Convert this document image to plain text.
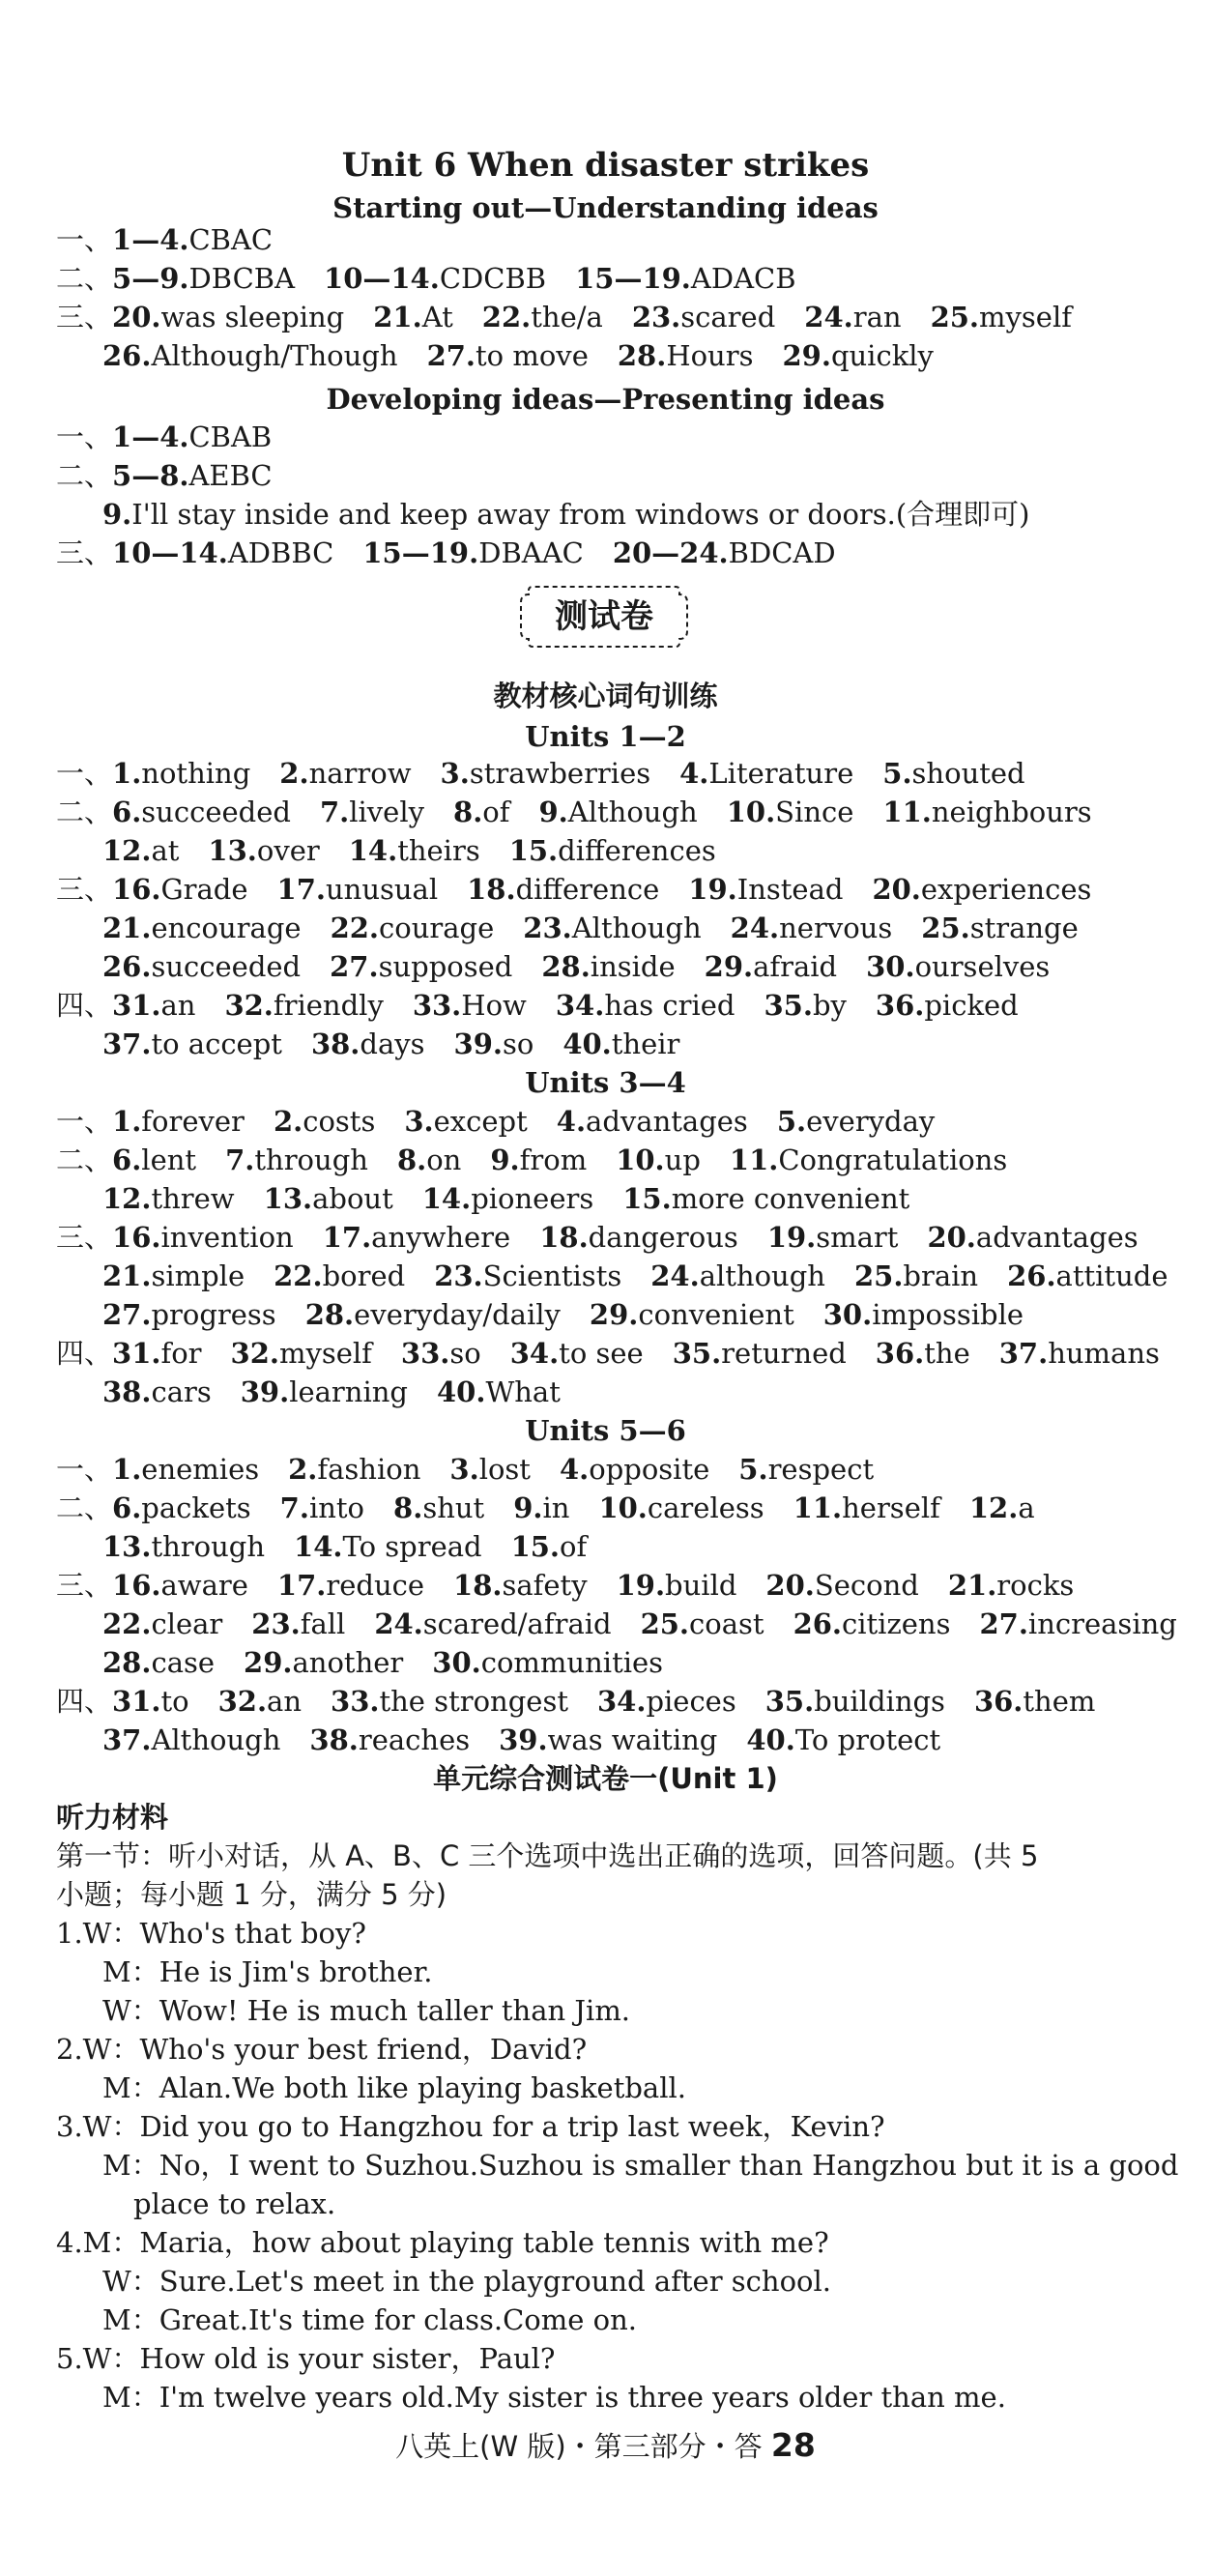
Unit 6 When disaster strikes
Starting out—Understanding ideas
一、1—4.CBAC
二、5—9.DBCBA 10—14.CDCBB 15—19.ADACB
三、20.was sleeping 21.At 22.the/a 23.scared 24.ran 25.myself
26.Although/Though 27.to move 28.Hours 29.quickly
Developing ideas—Presenting ideas
一、1—4.CBAB
二、5—8.AEBC
9.I'll stay inside and keep away from windows or doors.(合理即可)
三、10—14.ADBBC 15—19.DBAAC 20—24.BDCAD
测试卷
教材核心词句训练
Units 1—2
一、1.nothing 2.narrow 3.strawberries 4.Literature 5.shouted
二、6.succeeded 7.lively 8.of 9.Although 10.Since 11.neighbours
12.at 13.over 14.theirs 15.differences
三、16.Grade 17.unusual 18.difference 19.Instead 20.experiences
21.encourage 22.courage 23.Although 24.nervous 25.strange
26.succeeded 27.supposed 28.inside 29.afraid 30.ourselves
四、31.an 32.friendly 33.How 34.has cried 35.by 36.picked
37.to accept 38.days 39.so 40.their
Units 3—4
一、1.forever 2.costs 3.except 4.advantages 5.everyday
二、6.lent 7.through 8.on 9.from 10.up 11.Congratulations
12.threw 13.about 14.pioneers 15.more convenient
三、16.invention 17.anywhere 18.dangerous 19.smart 20.advantages
21.simple 22.bored 23.Scientists 24.although 25.brain 26.attitude
27.progress 28.everyday/daily 29.convenient 30.impossible
四、31.for 32.myself 33.so 34.to see 35.returned 36.the 37.humans
38.cars 39.learning 40.What
Units 5—6
一、1.enemies 2.fashion 3.lost 4.opposite 5.respect
二、6.packets 7.into 8.shut 9.in 10.careless 11.herself 12.a
13.through 14.To spread 15.of
三、16.aware 17.reduce 18.safety 19.build 20.Second 21.rocks
22.clear 23.fall 24.scared/afraid 25.coast 26.citizens 27.increasing
28.case 29.another 30.communities
四、31.to 32.an 33.the strongest 34.pieces 35.buildings 36.them
37.Although 38.reaches 39.was waiting 40.To protect
单元综合测试卷一(Unit 1)
听力材料
第一节：听小对话，从 A、B、C 三个选项中选出正确的选项，回答问题。(共 5
小题；每小题 1 分，满分 5 分)
1.W：Who's that boy?
M：He is Jim's brother.
W：Wow! He is much taller than Jim.
2.W：Who's your best friend，David?
M：Alan.We both like playing basketball.
3.W：Did you go to Hangzhou for a trip last week，Kevin?
M：No，I went to Suzhou.Suzhou is smaller than Hangzhou but it is a good
place to relax.
4.M：Maria，how about playing table tennis with me?
W：Sure.Let's meet in the playground after school.
M：Great.It's time for class.Come on.
5.W：How old is your sister，Paul?
M：I'm twelve years old.My sister is three years older than me.
八英上(W 版)・第三部分・答 28
